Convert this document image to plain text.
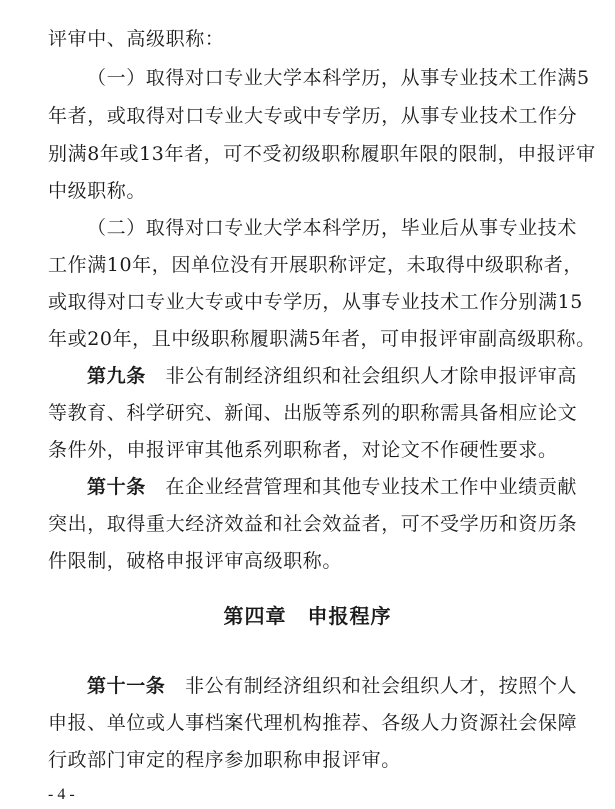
评审中、高级职称：
（一）取得对口专业大学本科学历，从事专业技术工作满5
年者，或取得对口专业大专或中专学历，从事专业技术工作分
别满8年或13年者，可不受初级职称履职年限的限制，申报评审
中级职称。
（二）取得对口专业大学本科学历，毕业后从事专业技术
工作满10年，因单位没有开展职称评定，未取得中级职称者，
或取得对口专业大专或中专学历，从事专业技术工作分别满15
年或20年，且中级职称履职满5年者，可申报评审副高级职称。
第九条  非公有制经济组织和社会组织人才除申报评审高
等教育、科学研究、新闻、出版等系列的职称需具备相应论文
条件外，申报评审其他系列职称者，对论文不作硬性要求。
第十条  在企业经营管理和其他专业技术工作中业绩贡献
突出，取得重大经济效益和社会效益者，可不受学历和资历条
件限制，破格申报评审高级职称。
第四章　申报程序
第十一条  非公有制经济组织和社会组织人才，按照个人
申报、单位或人事档案代理机构推荐、各级人力资源社会保障
行政部门审定的程序参加职称申报评审。
- 4 -
